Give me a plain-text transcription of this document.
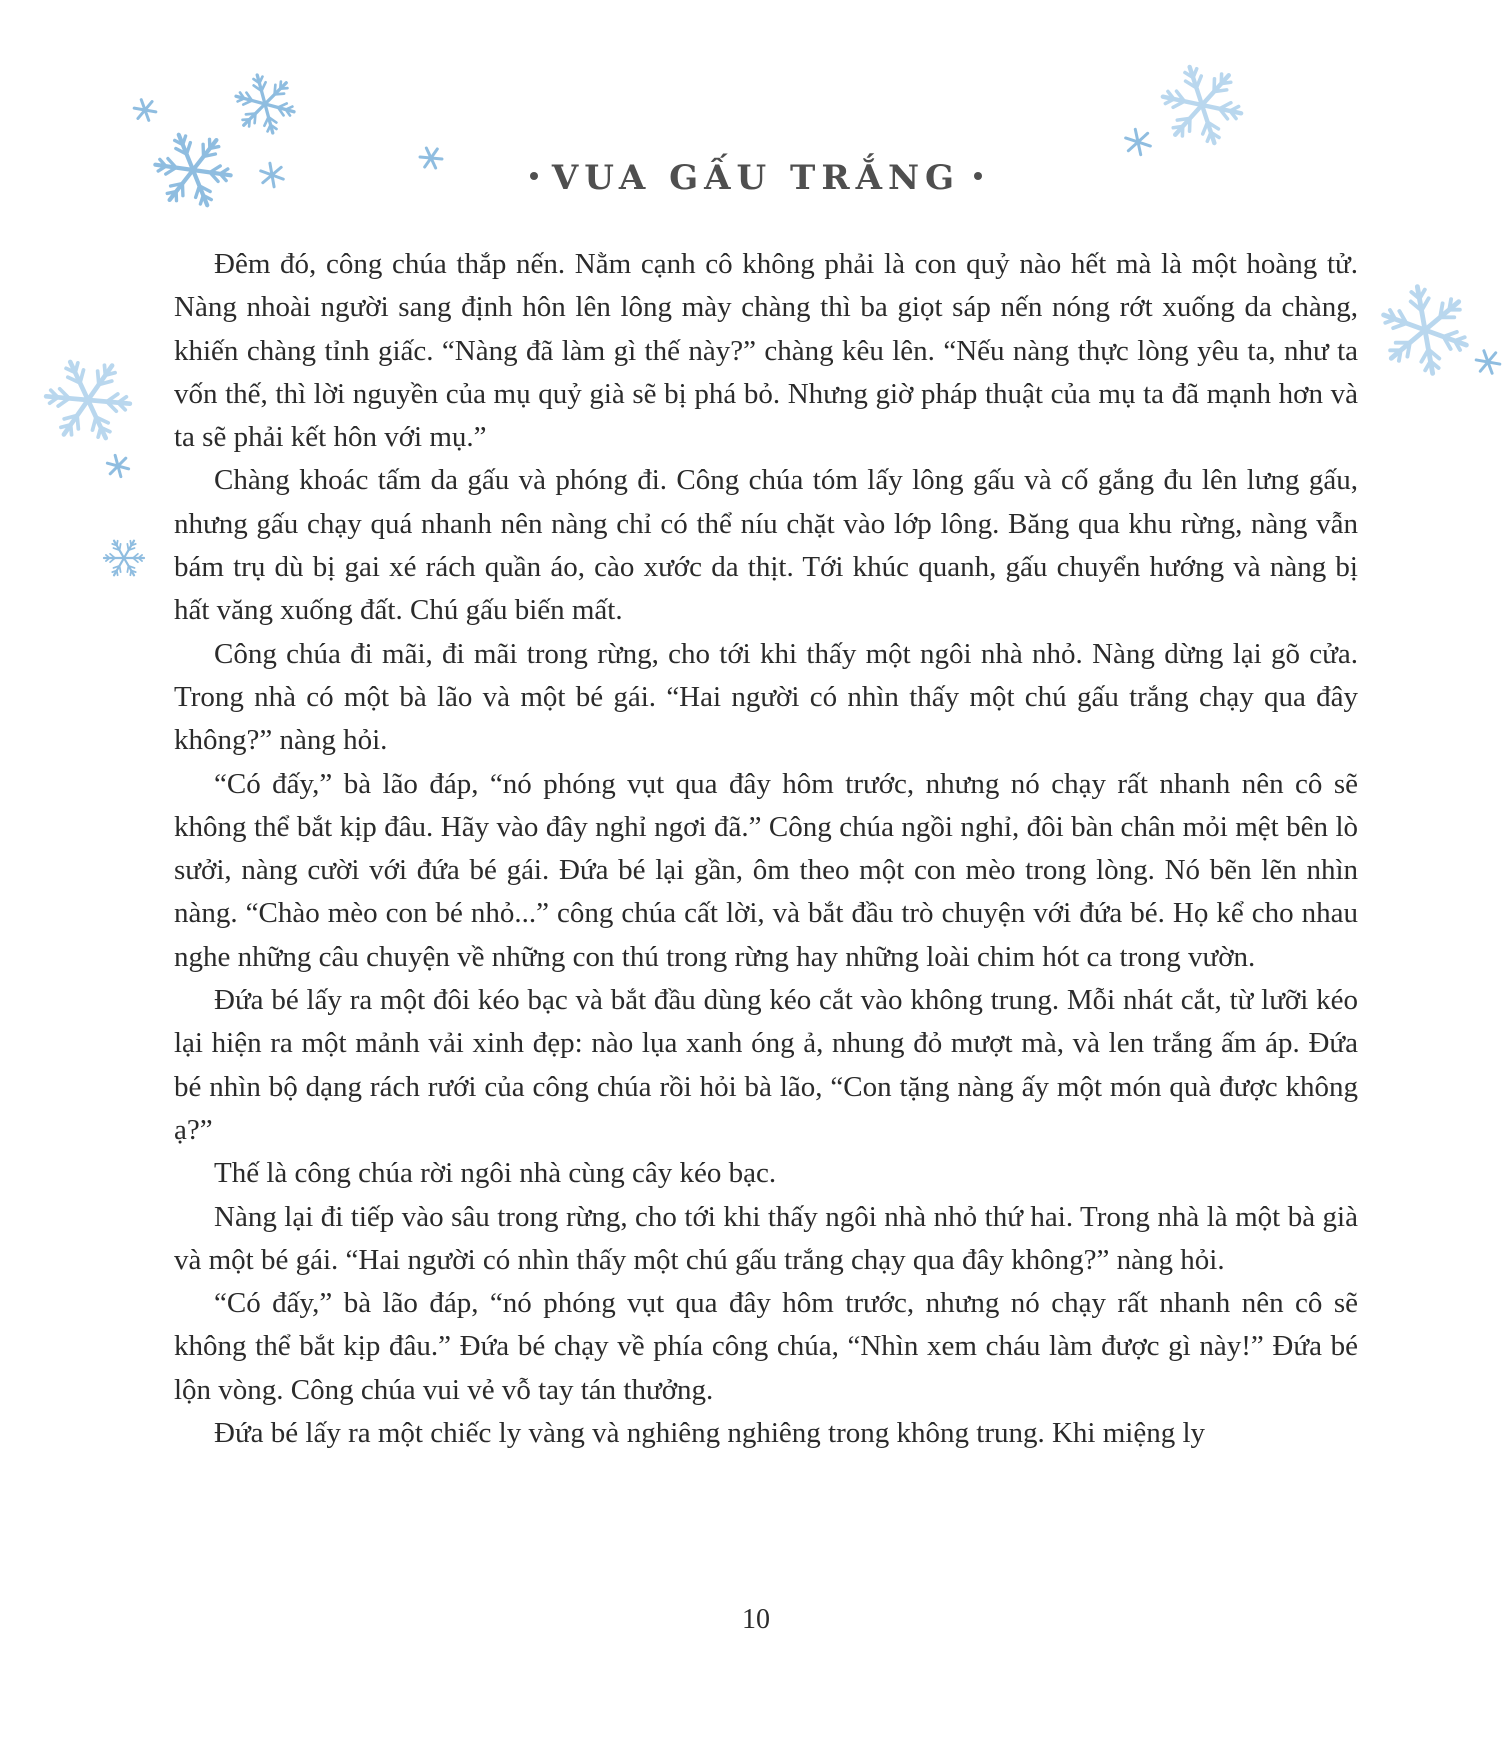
VUA GẤU TRẮNG

Đêm đó, công chúa thắp nến. Nằm cạnh cô không phải là con quỷ nào hết mà là một hoàng tử. Nàng nhoài người sang định hôn lên lông mày chàng thì ba giọt sáp nến nóng rớt xuống da chàng, khiến chàng tỉnh giấc. “Nàng đã làm gì thế này?” chàng kêu lên. “Nếu nàng thực lòng yêu ta, như ta vốn thế, thì lời nguyền của mụ quỷ già sẽ bị phá bỏ. Nhưng giờ pháp thuật của mụ ta đã mạnh hơn và ta sẽ phải kết hôn với mụ.”

Chàng khoác tấm da gấu và phóng đi. Công chúa tóm lấy lông gấu và cố gắng đu lên lưng gấu, nhưng gấu chạy quá nhanh nên nàng chỉ có thể níu chặt vào lớp lông. Băng qua khu rừng, nàng vẫn bám trụ dù bị gai xé rách quần áo, cào xước da thịt. Tới khúc quanh, gấu chuyển hướng và nàng bị hất văng xuống đất. Chú gấu biến mất.

Công chúa đi mãi, đi mãi trong rừng, cho tới khi thấy một ngôi nhà nhỏ. Nàng dừng lại gõ cửa. Trong nhà có một bà lão và một bé gái. “Hai người có nhìn thấy một chú gấu trắng chạy qua đây không?” nàng hỏi.

“Có đấy,” bà lão đáp, “nó phóng vụt qua đây hôm trước, nhưng nó chạy rất nhanh nên cô sẽ không thể bắt kịp đâu. Hãy vào đây nghỉ ngơi đã.” Công chúa ngồi nghỉ, đôi bàn chân mỏi mệt bên lò sưởi, nàng cười với đứa bé gái. Đứa bé lại gần, ôm theo một con mèo trong lòng. Nó bẽn lẽn nhìn nàng. “Chào mèo con bé nhỏ...” công chúa cất lời, và bắt đầu trò chuyện với đứa bé. Họ kể cho nhau nghe những câu chuyện về những con thú trong rừng hay những loài chim hót ca trong vườn.

Đứa bé lấy ra một đôi kéo bạc và bắt đầu dùng kéo cắt vào không trung. Mỗi nhát cắt, từ lưỡi kéo lại hiện ra một mảnh vải xinh đẹp: nào lụa xanh óng ả, nhung đỏ mượt mà, và len trắng ấm áp. Đứa bé nhìn bộ dạng rách rưới của công chúa rồi hỏi bà lão, “Con tặng nàng ấy một món quà được không ạ?”

Thế là công chúa rời ngôi nhà cùng cây kéo bạc.

Nàng lại đi tiếp vào sâu trong rừng, cho tới khi thấy ngôi nhà nhỏ thứ hai. Trong nhà là một bà già và một bé gái. “Hai người có nhìn thấy một chú gấu trắng chạy qua đây không?” nàng hỏi.

“Có đấy,” bà lão đáp, “nó phóng vụt qua đây hôm trước, nhưng nó chạy rất nhanh nên cô sẽ không thể bắt kịp đâu.” Đứa bé chạy về phía công chúa, “Nhìn xem cháu làm được gì này!” Đứa bé lộn vòng. Công chúa vui vẻ vỗ tay tán thưởng.

Đứa bé lấy ra một chiếc ly vàng và nghiêng nghiêng trong không trung. Khi miệng ly

10
